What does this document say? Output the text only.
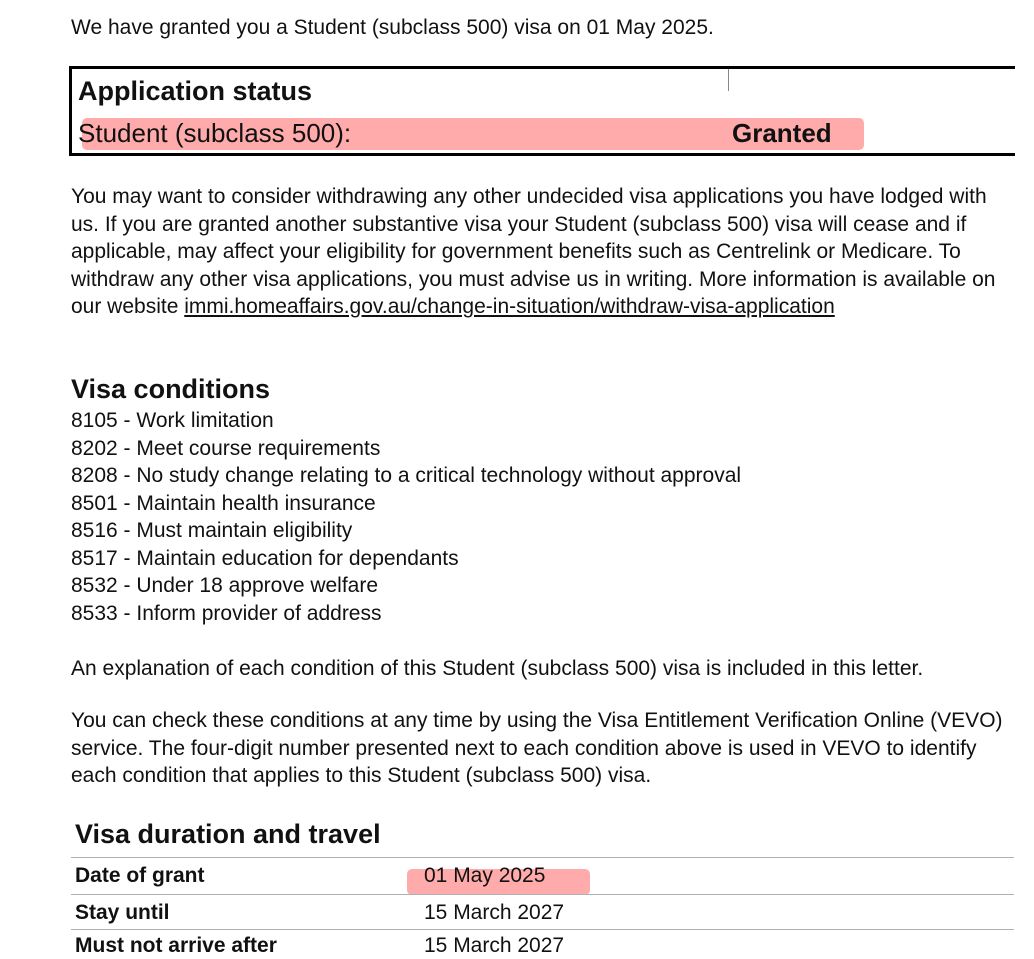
We have granted you a Student (subclass 500) visa on 01 May 2025.
Application status
Student (subclass 500):	Granted

You may want to consider withdrawing any other undecided visa applications you have lodged with us. If you are granted another substantive visa your Student (subclass 500) visa will cease and if applicable, may affect your eligibility for government benefits such as Centrelink or Medicare. To withdraw any other visa applications, you must advise us in writing. More information is available on our website immi.homeaffairs.gov.au/change-in-situation/withdraw-visa-application

Visa conditions
8105 - Work limitation
8202 - Meet course requirements
8208 - No study change relating to a critical technology without approval
8501 - Maintain health insurance
8516 - Must maintain eligibility
8517 - Maintain education for dependants
8532 - Under 18 approve welfare
8533 - Inform provider of address

An explanation of each condition of this Student (subclass 500) visa is included in this letter.

You can check these conditions at any time by using the Visa Entitlement Verification Online (VEVO) service. The four-digit number presented next to each condition above is used in VEVO to identify each condition that applies to this Student (subclass 500) visa.

Visa duration and travel
Date of grant	01 May 2025
Stay until	15 March 2027
Must not arrive after	15 March 2027
